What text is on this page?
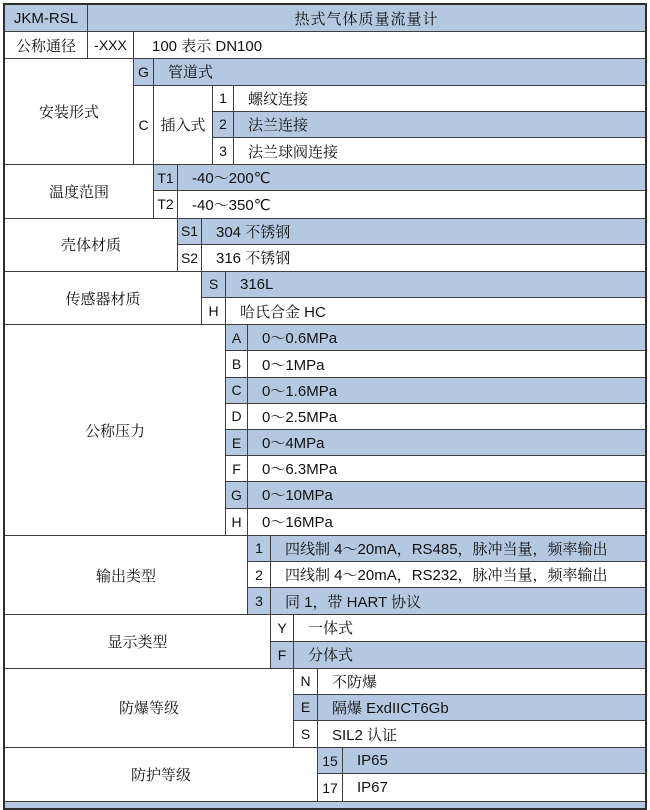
JKM-RSL	热式气体质量流量计
公称通径	-XXX	100 表示 DN100
安装形式
G	管道式
C 插入式
1	螺纹连接
2	法兰连接
3	法兰球阀连接
温度范围
T1	-40～200℃
T2	-40～350℃
壳体材质
S1	304 不锈钢
S2	316 不锈钢
传感器材质
S	316L
H	哈氏合金 HC
公称压力
A	0～0.6MPa
B	0～1MPa
C	0～1.6MPa
D	0～2.5MPa
E	0～4MPa
F	0～6.3MPa
G	0～10MPa
H	0～16MPa
输出类型
1	四线制 4～20mA，RS485，脉冲当量，频率输出
2	四线制 4～20mA，RS232，脉冲当量，频率输出
3	同 1，带 HART 协议
显示类型
Y	一体式
F	分体式
防爆等级
N	不防爆
E	隔爆 ExdIICT6Gb
S	SIL2 认证
防护等级
15	IP65
17	IP67
